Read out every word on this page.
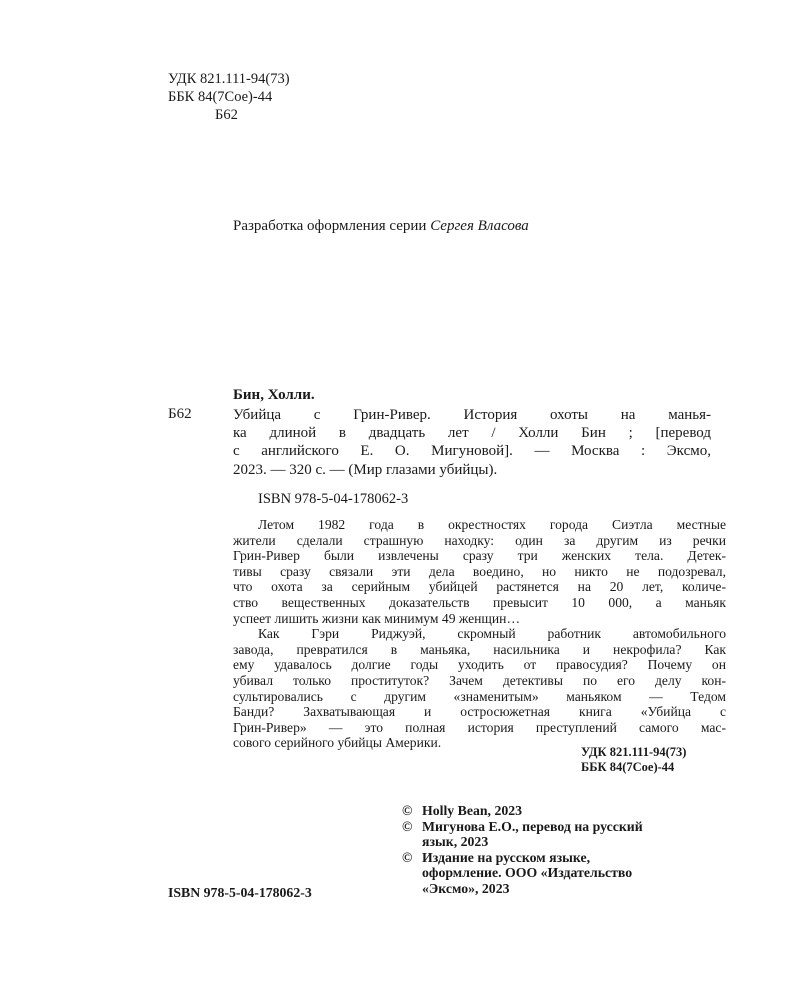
УДК 821.111-94(73)
ББК 84(7Сое)-44
Б62
Разработка оформления серии Сергея Власова
Бин, Холли.
Б62	Убийца с Грин-Ривер. История охоты на манья-
ка длиной в двадцать лет / Холли Бин ; [перевод
с английского Е. О. Мигуновой]. — Москва : Эксмо,
2023. — 320 с. — (Мир глазами убийцы).
ISBN 978-5-04-178062-3
Летом 1982 года в окрестностях города Сиэтла местные
жители сделали страшную находку: один за другим из речки
Грин-Ривер были извлечены сразу три женских тела. Детек-
тивы сразу связали эти дела воедино, но никто не подозревал,
что охота за серийным убийцей растянется на 20 лет, количе-
ство вещественных доказательств превысит 10 000, а маньяк
успеет лишить жизни как минимум 49 женщин…
Как Гэри Риджуэй, скромный работник автомобильного
завода, превратился в маньяка, насильника и некрофила? Как
ему удавалось долгие годы уходить от правосудия? Почему он
убивал только проституток? Зачем детективы по его делу кон-
сультировались с другим «знаменитым» маньяком — Тедом
Банди? Захватывающая и остросюжетная книга «Убийца с
Грин-Ривер» — это полная история преступлений самого мас-
сового серийного убийцы Америки.
УДК 821.111-94(73)
ББК 84(7Сое)-44
© Holly Bean, 2023
© Мигунова Е.О., перевод на русский
язык, 2023
© Издание на русском языке,
оформление. ООО «Издательство
«Эксмо», 2023
ISBN 978-5-04-178062-3
